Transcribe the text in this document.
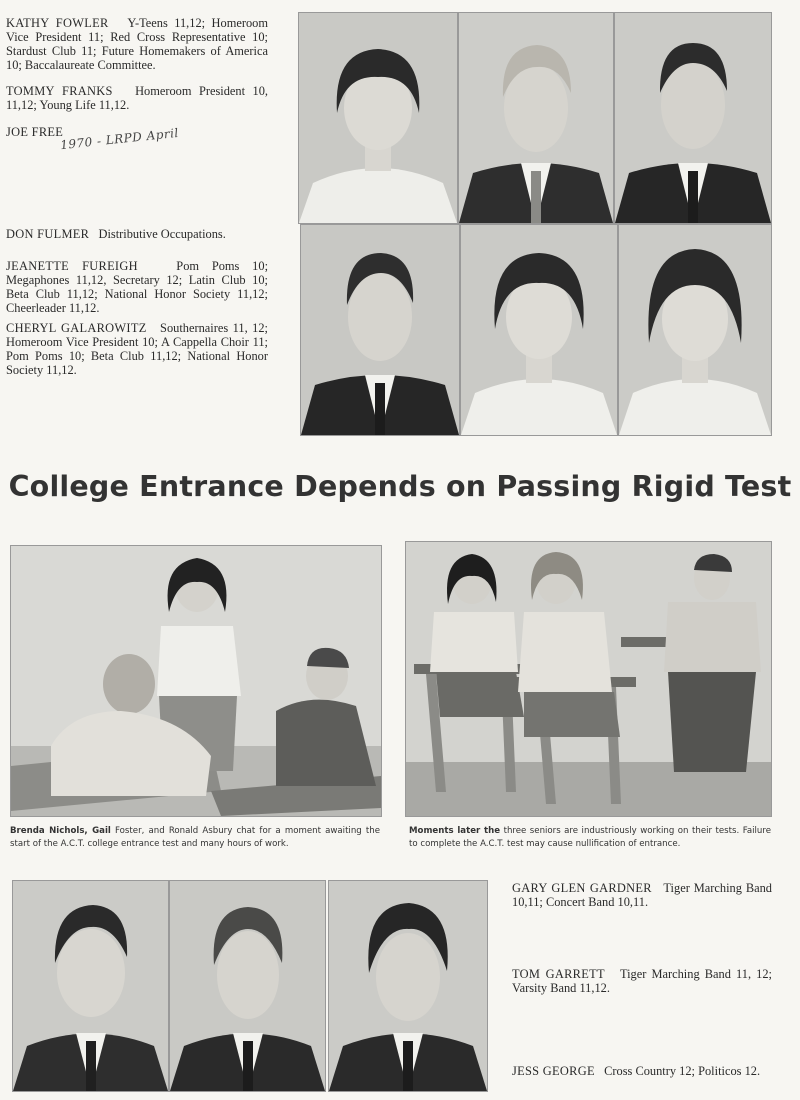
KATHY FOWLER Y-Teens 11,12; Homeroom Vice President 11; Red Cross Representative 10; Stardust Club 11; Future Homemakers of America 10; Baccalaureate Committee.
TOMMY FRANKS Homeroom President 10, 11,12; Young Life 11,12.
JOE FREE
1970 - LRPD April
DON FULMER Distributive Occupations.
JEANETTE FUREIGH	Pom Poms 10; Megaphones 11,12, Secretary 12; Latin Club 10; Beta Club 11,12; National Honor Society 11,12; Cheerleader 11,12.
CHERYL GALAROWITZ Southernaires 11, 12; Homeroom Vice President 10; A Cappella Choir 11; Pom Poms 10; Beta Club 11,12; National Honor Society 11,12.
College Entrance Depends on Passing Rigid Test
Brenda Nichols, Gail Foster, and Ronald Asbury chat for a moment awaiting the start of the A.C.T. college entrance test and many hours of work.
Moments later the three seniors are industriously working on their tests. Failure to complete the A.C.T. test may cause nullification of entrance.
GARY GLEN GARDNER Tiger Marching Band 10,11; Concert Band 10,11.
TOM GARRETT Tiger Marching Band 11, 12; Varsity Band 11,12.
JESS GEORGE Cross Country 12; Politicos 12.
